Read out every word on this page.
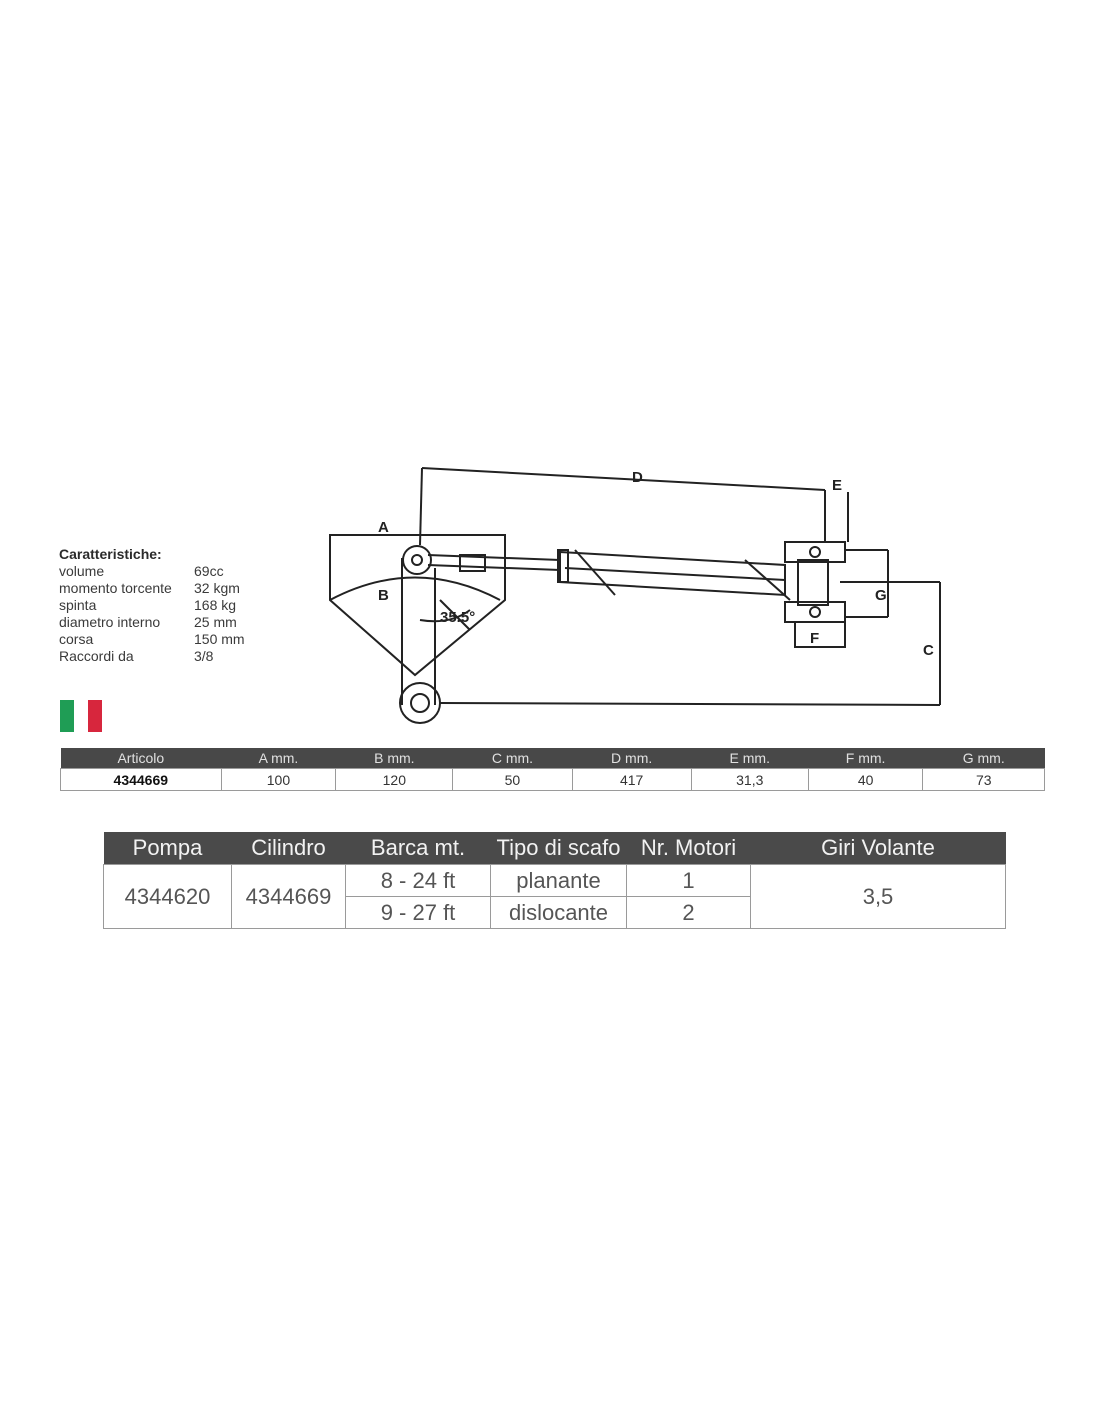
Caratteristiche:
volume	69cc
momento torcente	32 kgm
spinta	168 kg
diametro interno	25 mm
corsa	150 mm
Raccordi da	3/8
D	E
A
B
F
G
C
35.5°
Articolo	A mm.	B mm.	C mm.	D mm.	E mm.	F mm.	G mm.
4344669	100	120	50	417	31,3	40	73
Pompa	Cilindro	Barca mt.	Tipo di scafo	Nr. Motori	Giri Volante
4344620	4344669	8 - 24 ft	planante	1	3,5
		9 - 27 ft	dislocante	2	
